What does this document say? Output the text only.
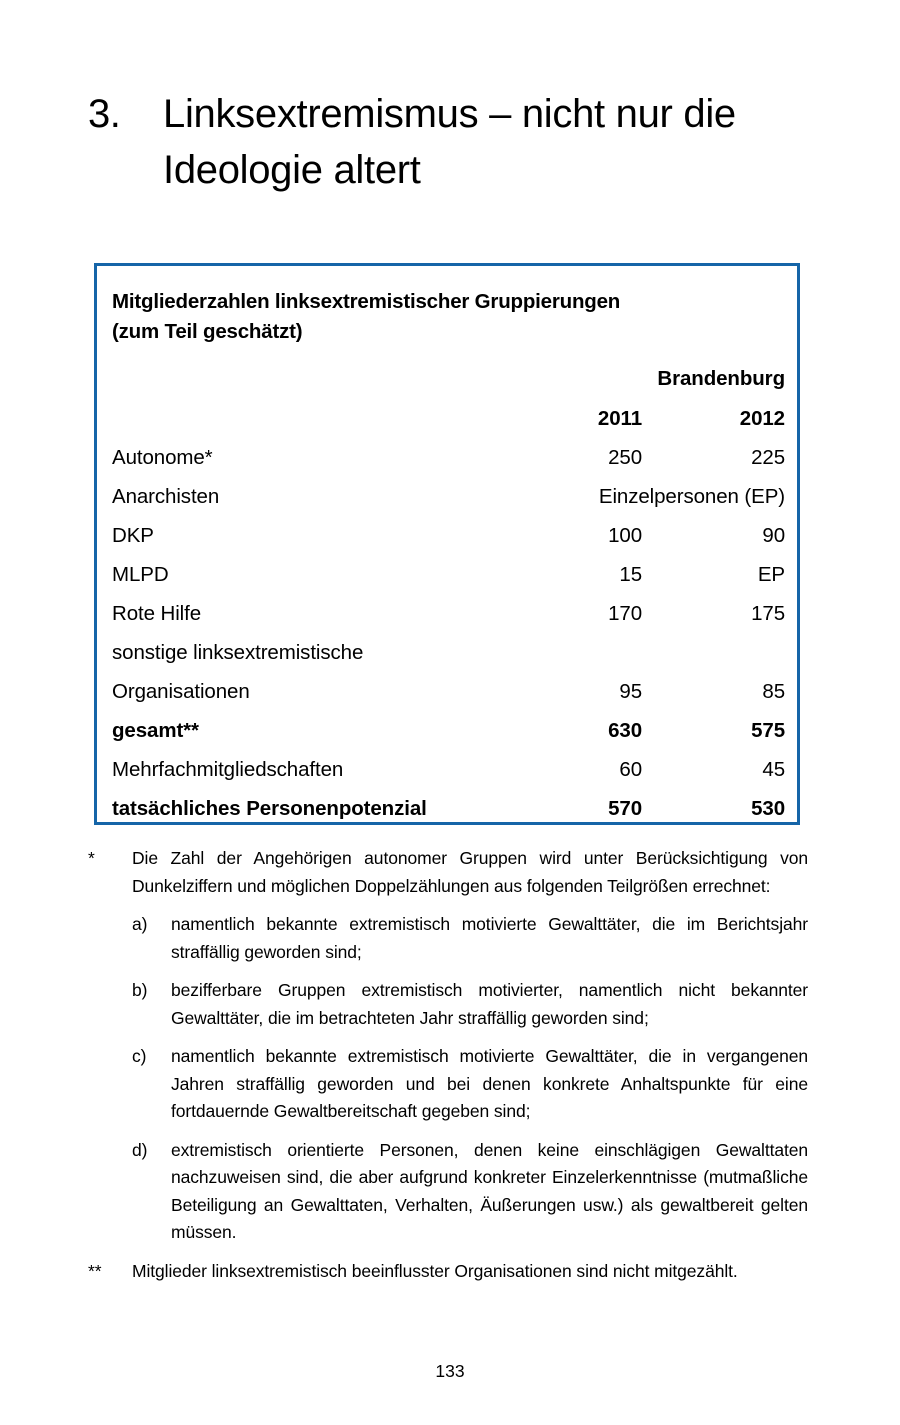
3.	Linksextremismus – nicht nur die Ideologie altert
Mitgliederzahlen linksextremistischer Gruppierungen
(zum Teil geschätzt)
		Brandenburg
	2011	2012
Autonome*	250	225
Anarchisten	Einzelpersonen (EP)	
DKP	100	90
MLPD	15	EP
Rote Hilfe	170	175
sonstige linksextremistische		
Organisationen	95	85
gesamt**	630	575
Mehrfachmitgliedschaften	60	45
tatsächliches Personenpotenzial	570	530
*	Die Zahl der Angehörigen autonomer Gruppen wird unter Berücksichtigung von Dunkelziffern und möglichen Doppelzählungen aus folgenden Teilgrößen errechnet:
a)	namentlich bekannte extremistisch motivierte Gewalttäter, die im Berichtsjahr straffällig geworden sind;
b)	bezifferbare Gruppen extremistisch motivierter, namentlich nicht bekannter Gewalttäter, die im betrachteten Jahr straffällig geworden sind;
c)	namentlich bekannte extremistisch motivierte Gewalttäter, die in vergangenen Jahren straffällig geworden und bei denen konkrete Anhaltspunkte für eine fortdauernde Gewaltbereitschaft gegeben sind;
d)	extremistisch orientierte Personen, denen keine einschlägigen Gewalttaten nachzuweisen sind, die aber aufgrund konkreter Einzelerkenntnisse (mutmaßliche Beteiligung an Gewalttaten, Verhalten, Äußerungen usw.) als gewaltbereit gelten müssen.
**	Mitglieder linksextremistisch beeinflusster Organisationen sind nicht mitgezählt.
133
